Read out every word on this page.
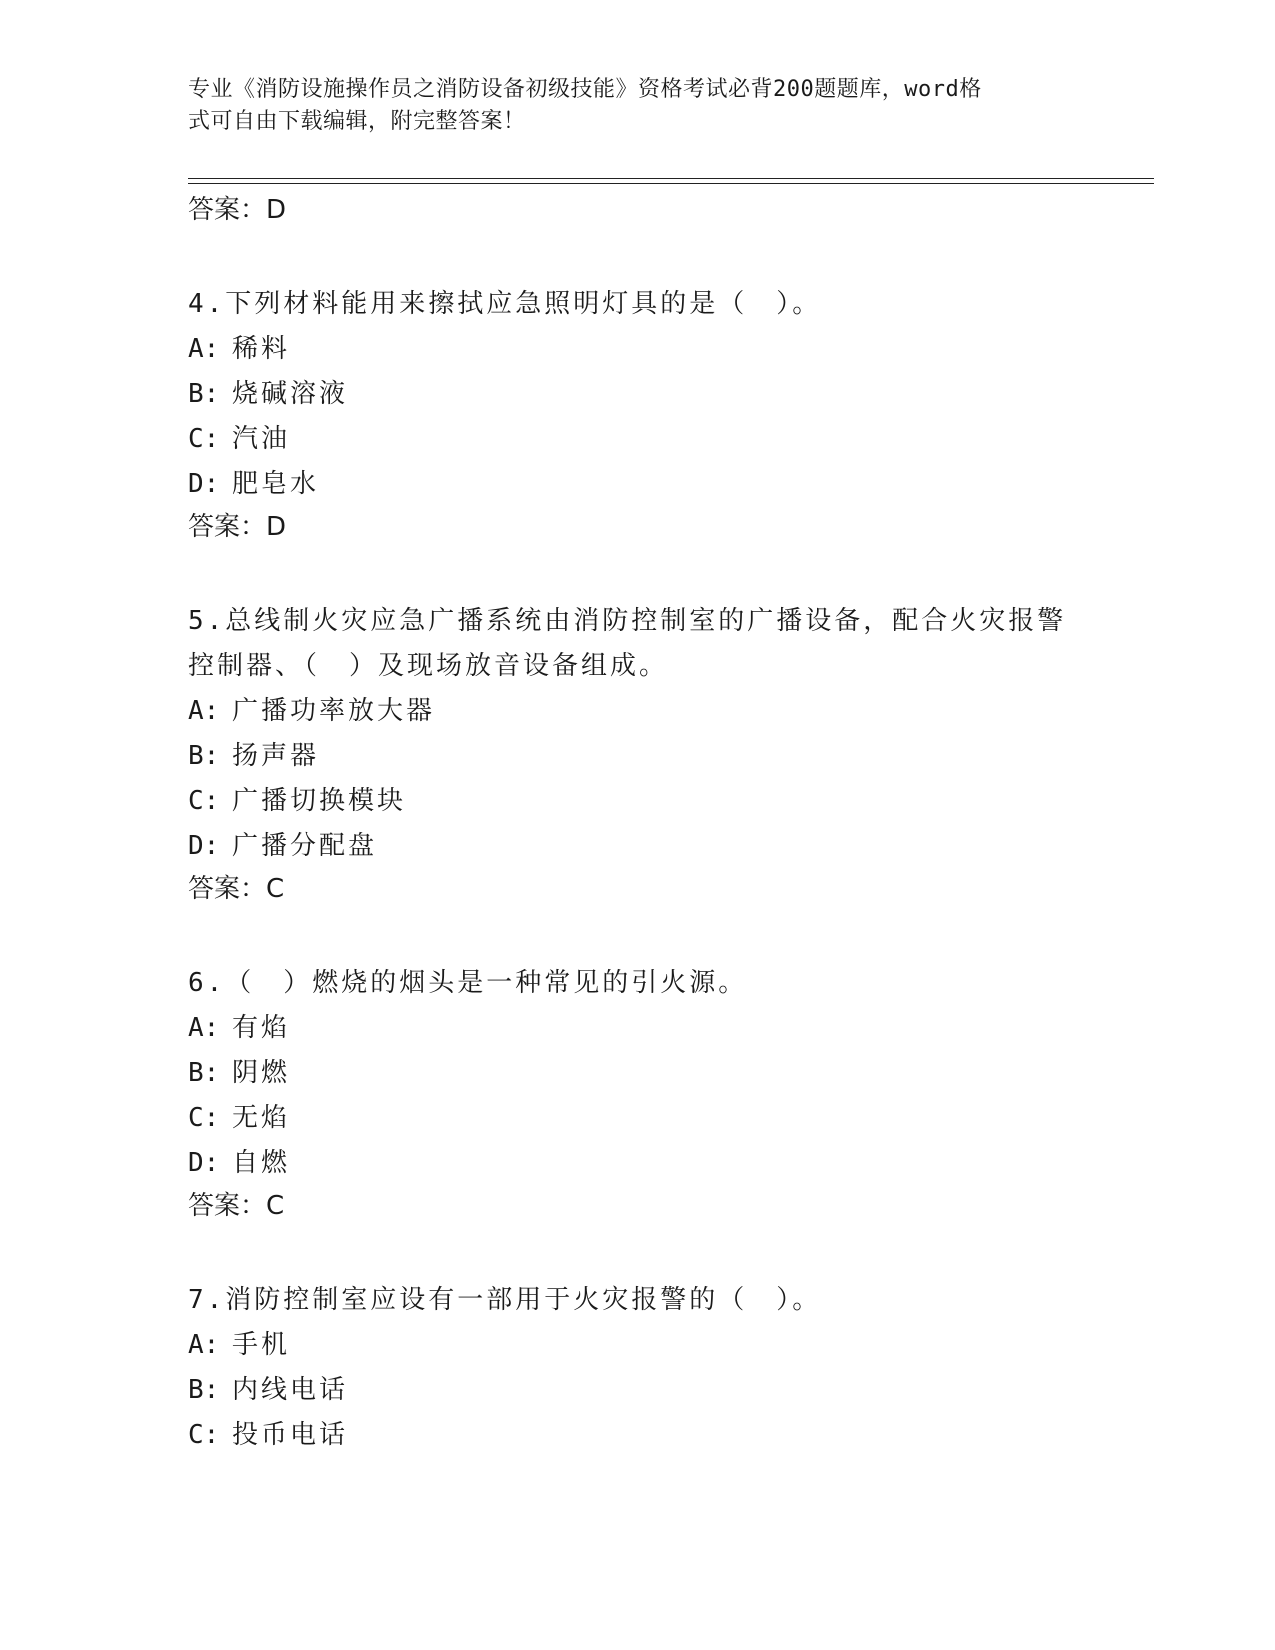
专业《消防设施操作员之消防设备初级技能》资格考试必背200题题库，word格
式可自由下载编辑，附完整答案！
答案：D
4.下列材料能用来擦拭应急照明灯具的是（　）。
A: 稀料
B: 烧碱溶液
C: 汽油
D: 肥皂水
答案：D
5.总线制火灾应急广播系统由消防控制室的广播设备，配合火灾报警
控制器、（　）及现场放音设备组成。
A: 广播功率放大器
B: 扬声器
C: 广播切换模块
D: 广播分配盘
答案：C
6.（　）燃烧的烟头是一种常见的引火源。
A: 有焰
B: 阴燃
C: 无焰
D: 自燃
答案：C
7.消防控制室应设有一部用于火灾报警的（　）。
A: 手机
B: 内线电话
C: 投币电话
